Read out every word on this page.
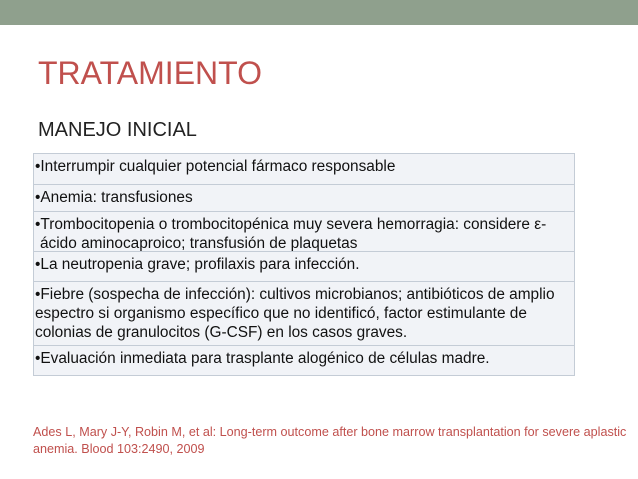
TRATAMIENTO
MANEJO INICIAL
•Interrumpir cualquier potencial fármaco responsable
•Anemia: transfusiones
•Trombocitopenia o trombocitopénica muy severa hemorragia: considere ε-
ácido aminocaproico; transfusión de plaquetas
•La neutropenia grave; profilaxis para infección.
•Fiebre (sospecha de infección): cultivos microbianos; antibióticos de amplio
espectro si organismo específico que no identificó, factor estimulante de
colonias de granulocitos (G-CSF) en los casos graves.
•Evaluación inmediata para trasplante alogénico de células madre.

Ades L, Mary J-Y, Robin M, et al: Long-term outcome after bone marrow transplantation for severe aplastic
anemia. Blood 103:2490, 2009
